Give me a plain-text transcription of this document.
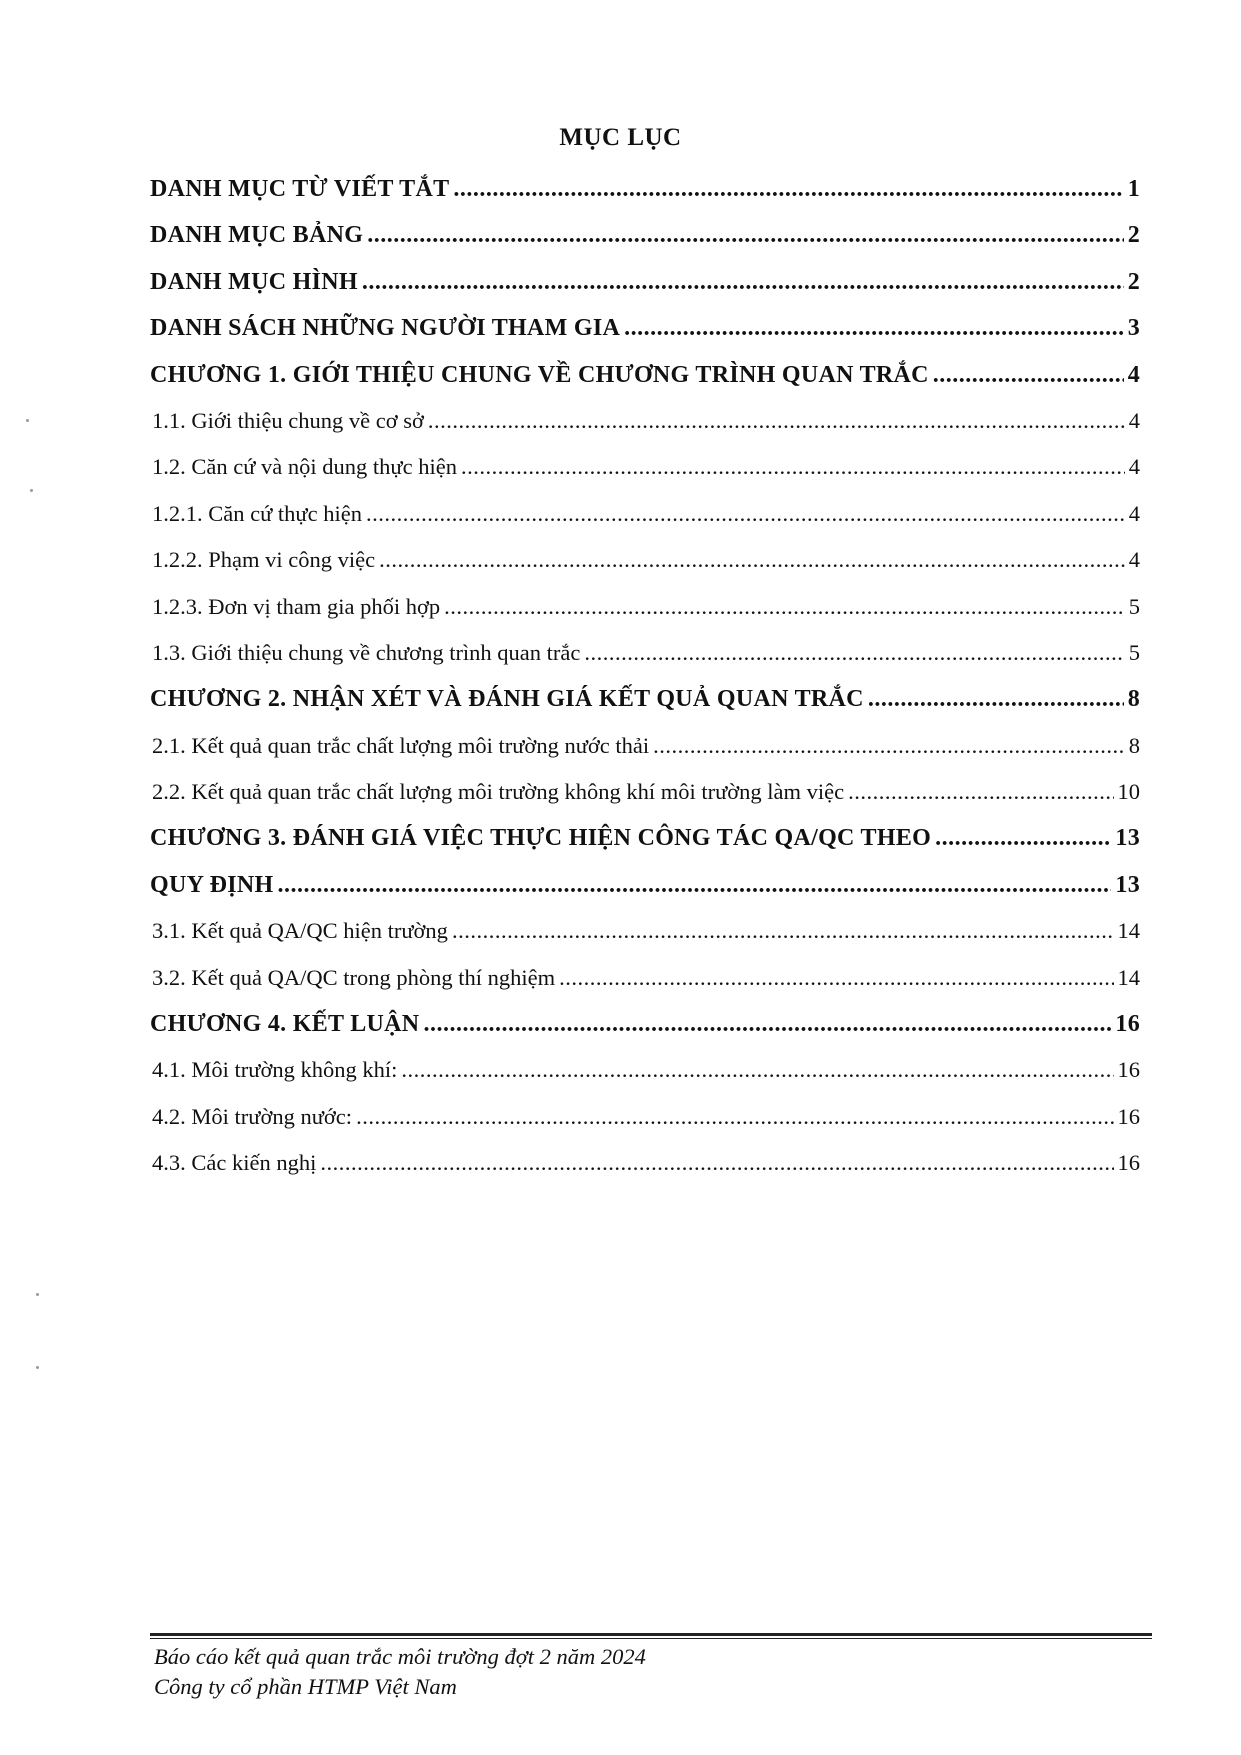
MỤC LỤC
DANH MỤC TỪ VIẾT TẮT .....	1
DANH MỤC BẢNG .....	2
DANH MỤC HÌNH .....	2
DANH SÁCH NHỮNG NGƯỜI THAM GIA .....	3
CHƯƠNG 1. GIỚI THIỆU CHUNG VỀ CHƯƠNG TRÌNH QUAN TRẮC .....	4
1.1. Giới thiệu chung về cơ sở .....	4
1.2. Căn cứ và nội dung thực hiện .....	4
1.2.1. Căn cứ thực hiện .....	4
1.2.2. Phạm vi công việc .....	4
1.2.3. Đơn vị tham gia phối hợp .....	5
1.3. Giới thiệu chung về chương trình quan trắc .....	5
CHƯƠNG 2. NHẬN XÉT VÀ ĐÁNH GIÁ KẾT QUẢ QUAN TRẮC .....	8
2.1. Kết quả quan trắc chất lượng môi trường nước thải .....	8
2.2. Kết quả quan trắc chất lượng môi trường không khí môi trường làm việc .....	10
CHƯƠNG 3. ĐÁNH GIÁ VIỆC THỰC HIỆN CÔNG TÁC QA/QC THEO .....	13
QUY ĐỊNH .....	13
3.1. Kết quả QA/QC hiện trường .....	14
3.2. Kết quả QA/QC trong phòng thí nghiệm .....	14
CHƯƠNG 4. KẾT LUẬN .....	16
4.1. Môi trường không khí: .....	16
4.2. Môi trường nước: .....	16
4.3. Các kiến nghị .....	16
Báo cáo kết quả quan trắc môi trường đợt 2 năm 2024
Công ty cổ phần HTMP Việt Nam
